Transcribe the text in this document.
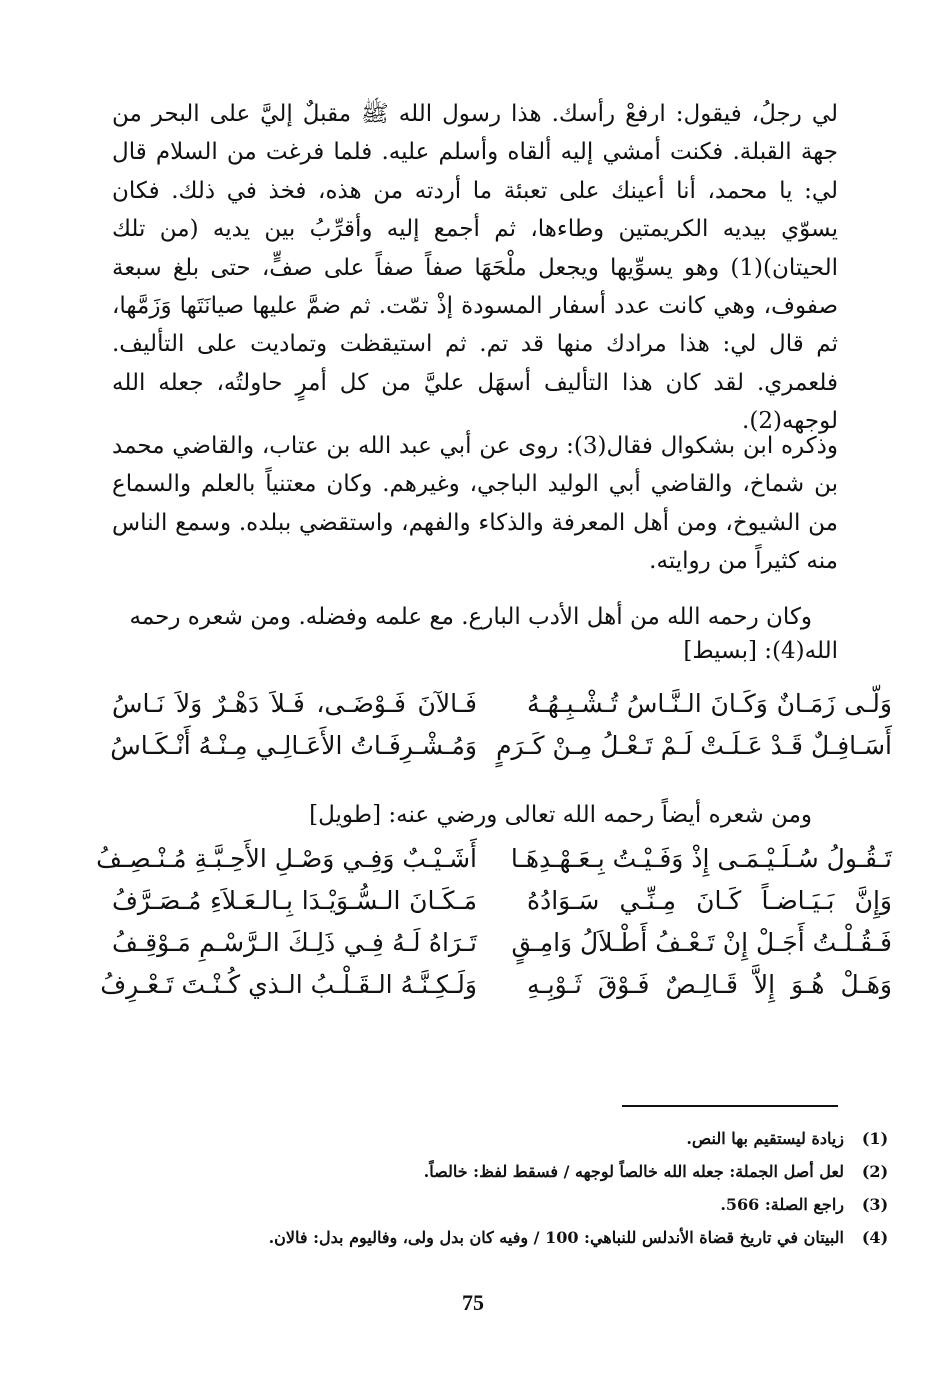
لي رجلُ، فيقول: ارفعْ رأسك. هذا رسول الله ﷺ مقبلٌ إليَّ على البحر من جهة القبلة. فكنت أمشي إليه ألقاه وأسلم عليه. فلما فرغت من السلام قال لي: يا محمد، أنا أعينك على تعبئة ما أردته من هذه، فخذ في ذلك. فكان يسوّي بيديه الكريمتين وطاءها، ثم أجمع إليه وأقرِّبُ بين يديه (من تلك الحيتان)(1) وهو يسوِّيها ويجعل ملْحَهَا صفاً صفاً على صفٍّ، حتى بلغ سبعة صفوف، وهي كانت عدد أسفار المسودة إذْ تمّت. ثم ضمَّ عليها صيانَتَها وَزَمَّها، ثم قال لي: هذا مرادك منها قد تم. ثم استيقظت وتماديت على التأليف. فلعمري. لقد كان هذا التأليف أسهَل عليَّ من كل أمرٍ حاولتُه، جعله الله لوجهه(2).

وذكره ابن بشكوال فقال(3): روى عن أبي عبد الله بن عتاب، والقاضي محمد بن شماخ، والقاضي أبي الوليد الباجي، وغيرهم. وكان معتنياً بالعلم والسماع من الشيوخ، ومن أهل المعرفة والذكاء والفهم، واستقضي ببلده. وسمع الناس منه كثيراً من روايته.

وكان رحمه الله من أهل الأدب البارع. مع علمه وفضله. ومن شعره رحمه

الله(4): [بسيط]

وَلّـى زَمَـانٌ وَكَـانَ الـنَّـاسُ تُـشْـبِـهُـهُ
فَـالآنَ فَـوْضَـى، فَـلاَ دَهْـرٌ وَلاَ نَـاسُ
أَسَـافِـلٌ قَـدْ عَـلَـتْ لَـمْ تَـعْـلُ مِـنْ كَـرَمٍ
وَمُـشْـرِفَـاتُ الأَعَـالِـي مِـنْـهُ أَنْـكَـاسُ

ومن شعره أيضاً رحمه الله تعالى ورضي عنه: [طويل]

تَـقُـولُ سُـلَـيْـمَـى إِذْ وَفَـيْـتُ بِـعَـهْـدِهَـا
أَشَـيْـبٌ وَفِـي وَصْـلِ الأَحِـبَّـةِ مُـنْـصِـفُ
وَإِنَّ بَـيَـاضـاً كَـانَ مِـنِّـي سَـوَادُهُ
مَـكَـانَ الـسُّـوَيْـدَا بِـالـعَـلاَءِ مُـصَـرَّفُ
فَـقُـلْـتُ أَجَـلْ إِنْ تَـعْـفُ أَطْـلاَلُ وَامِـقٍ
تَـرَاهُ لَـهُ فِـي ذَلِـكَ الـرَّسْـمِ مَـوْقِـفُ
وَهَـلْ هُـوَ إِلاَّ قَـالِـصٌ فَـوْقَ ثَـوْبِـهِ
وَلَـكِـنَّـهُ الـقَـلْـبُ الـذي كُـنْـتَ تَـعْـرِفُ
(1)
زيادة ليستقيم بها النص.
(2)
لعل أصل الجملة: جعله الله خالصاً لوجهه / فسقط لفظ: خالصاً.
(3)
راجع الصلة: 566.
(4)
البيتان في تاريخ قضاة الأندلس للنباهي: 100 / وفيه كان بدل ولى، وفاليوم بدل: فالان.
75
